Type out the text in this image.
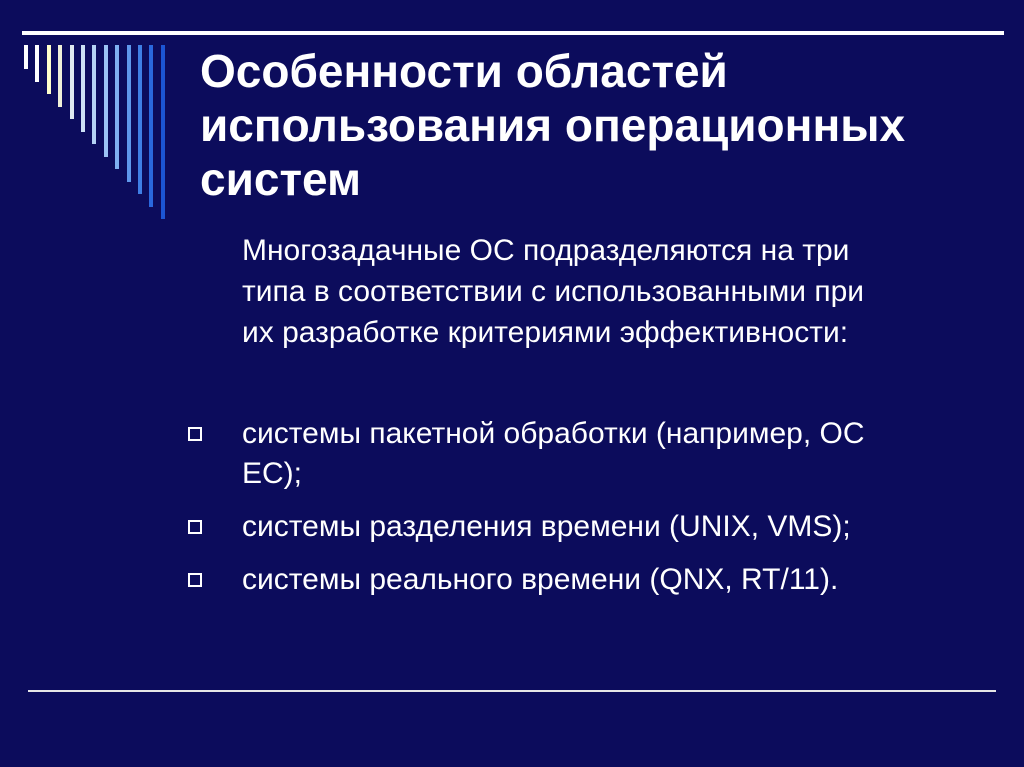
Особенности областей
использования операционных
систем
Многозадачные ОС подразделяются на три
типа в соответствии с использованными при
их разработке критериями эффективности:
системы пакетной обработки (например, ОС
ЕС);
системы разделения времени (UNIX, VMS);
системы реального времени (QNX, RT/11).
